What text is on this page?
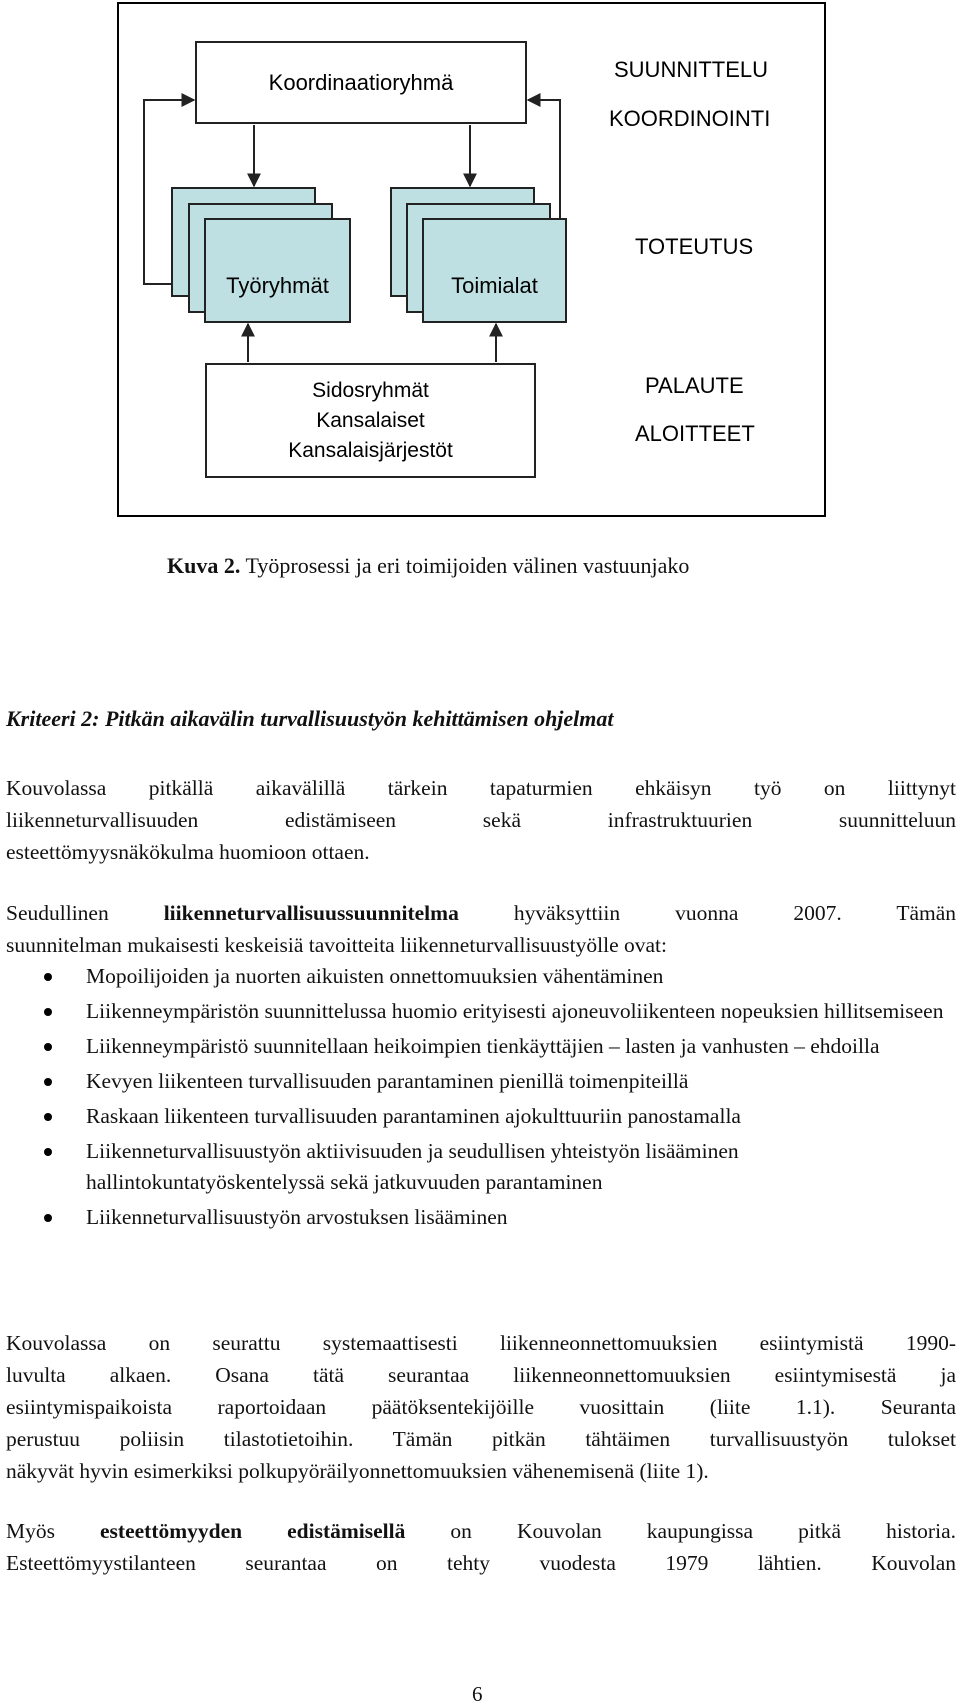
Koordinaatioryhmä
Työryhmät	Toimialat
Sidosryhmät
Kansalaiset
Kansalaisjärjestöt
SUUNNITTELU
KOORDINOINTI
TOTEUTUS
PALAUTE
ALOITTEET
Kuva 2. Työprosessi ja eri toimijoiden välinen vastuunjako
Kriteeri 2: Pitkän aikavälin turvallisuustyön kehittämisen ohjelmat

Kouvolassa pitkällä aikavälillä tärkein tapaturmien ehkäisyn työ on liittynyt

liikenneturvallisuuden edistämiseen sekä infrastruktuurien suunnitteluun

esteettömyysnäkökulma huomioon ottaen.

Seudullinen	liikenneturvallisuussuunnitelma	hyväksyttiin vuonna 2007. Tämän

suunnitelman mukaisesti keskeisiä tavoitteita liikenneturvallisuustyölle ovat:

Mopoilijoiden ja nuorten aikuisten onnettomuuksien vähentäminen
Liikenneympäristön suunnittelussa huomio erityisesti ajoneuvoliikenteen nopeuksien hillitsemiseen
Liikenneympäristö suunnitellaan heikoimpien tienkäyttäjien – lasten ja vanhusten – ehdoilla
Kevyen liikenteen turvallisuuden parantaminen pienillä toimenpiteillä
Raskaan liikenteen turvallisuuden parantaminen ajokulttuuriin panostamalla
Liikenneturvallisuustyön aktiivisuuden ja seudullisen yhteistyön lisääminen hallintokuntatyöskentelyssä sekä jatkuvuuden parantaminen
Liikenneturvallisuustyön arvostuksen lisääminen

Kouvolassa on seurattu systemaattisesti liikenneonnettomuuksien esiintymistä 1990-

luvulta alkaen. Osana tätä seurantaa liikenneonnettomuuksien esiintymisestä ja

esiintymispaikoista raportoidaan päätöksentekijöille vuosittain (liite 1.1). Seuranta

perustuu poliisin tilastotietoihin. Tämän pitkän tähtäimen turvallisuustyön tulokset

näkyvät hyvin esimerkiksi polkupyöräilyonnettomuuksien vähenemisenä (liite 1).

Myös esteettömyyden edistämisellä on Kouvolan kaupungissa pitkä historia.

Esteettömyystilanteen seurantaa on tehty vuodesta 1979 lähtien. Kouvolan

6
